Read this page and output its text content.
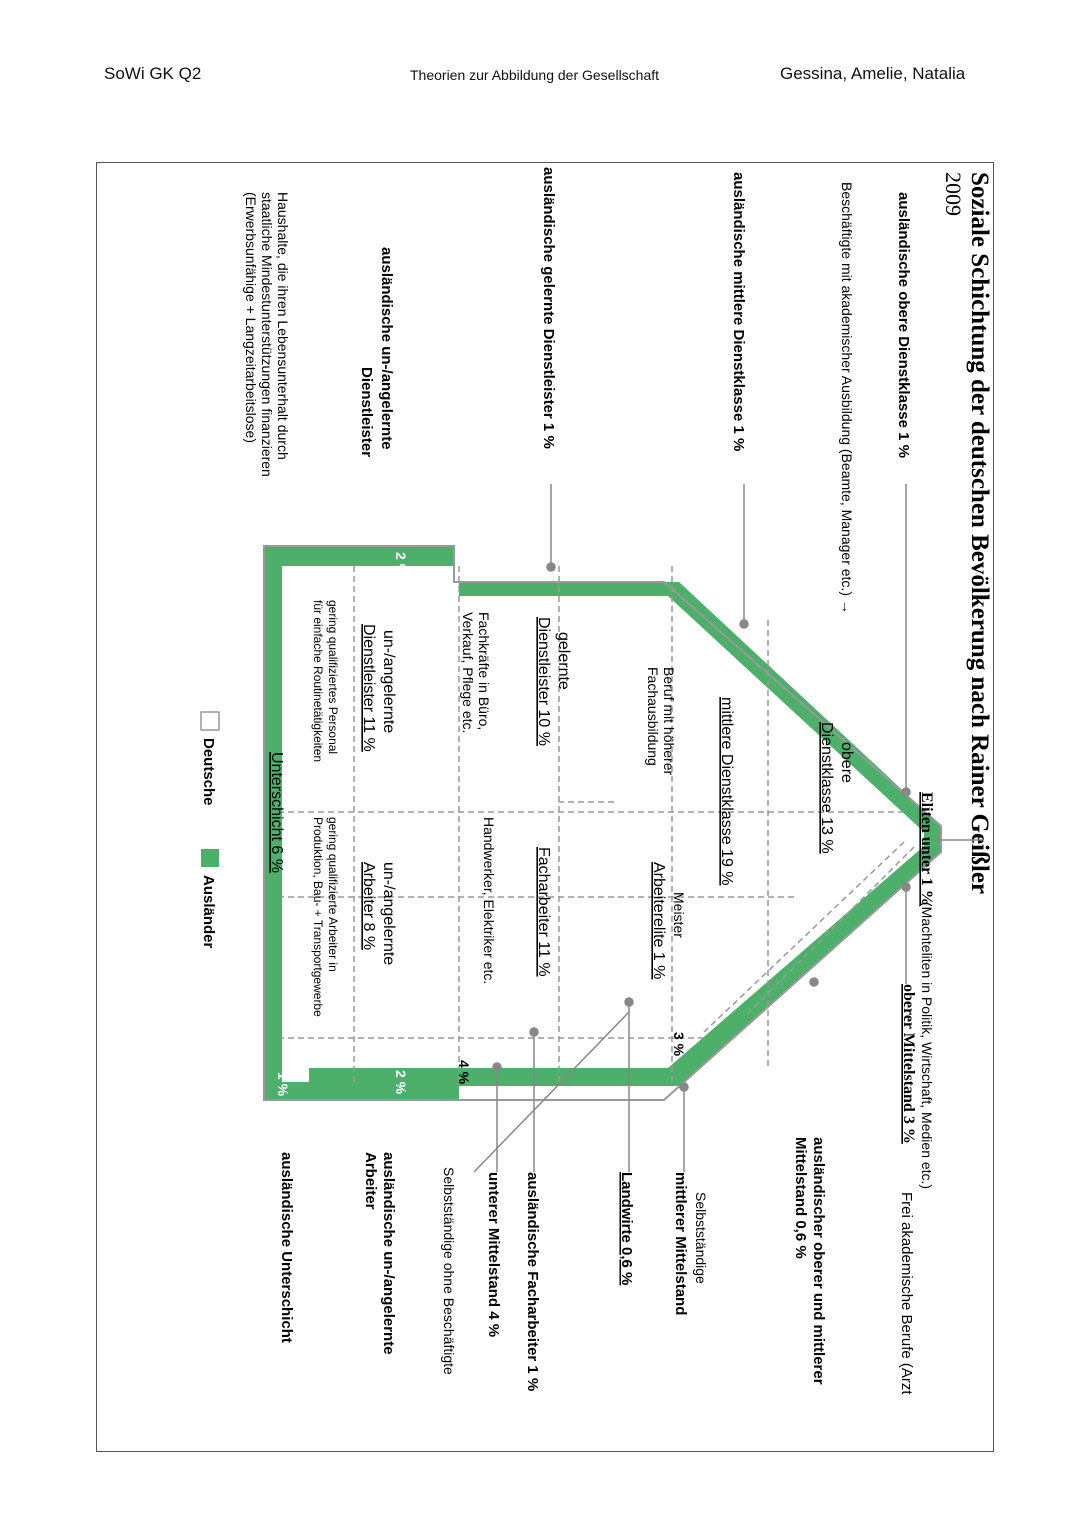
SoWi GK Q2	Theorien zur Abbildung der Gesellschaft	Gessina, Amelie, Natalia
Soziale Schichtung der deutschen Bevölkerung nach Rainer Geißler
2009
obere
Dienstklasse 13 %
mittlere Dienstklasse 19 %
gelernte
Dienstleister 10 %
Facharbeiter 11 %	Meister
Arbeiterelite 1 %
un-/angelernte
Dienstleister 11 %
un-/angelernte
Arbeiter 8 %
Unterschicht 6 %
Beruf mit höherer
Fachausbildung
Fachkräfte in Büro,
Verkauf, Pflege etc.
Handwerker, Elektriker etc.
gering qualifiziertes Personal
für einfache Routinetätigkeiten
gering qualifizierte Arbeiter in
Produktion, Bau- + Transportgewerbe
3 %
4 %
2 %
2 %
1 %
Eliten unter 1 %
(Machteliten in Politik, Wirtschaft, Medien etc.)
oberer Mittelstand 3 %
Frei akademische Berufe (Arzt
ausländische obere Dienstklasse 1 %
Beschäftigte mit akademischer Ausbildung (Beamte, Manager etc.) →
ausländische mittlere Dienstklasse 1 %
ausländische gelernte Dienstleister 1 %
ausländische un-/angelernte
Dienstleister
Haushalte, die ihren Lebensunterhalt durch
staatliche Mindestunterstützungen finanzieren
(Erwerbsunfähige + Langzeitarbeitslose)
ausländischer oberer und mittlerer
Mittelstand 0,6 %
mittlerer Mittelstand
Landwirte 0,6 %
ausländische Facharbeiter 1 %
unterer Mittelstand 4 %
ausländische un-/angelernte
Arbeiter
ausländische Unterschicht	Selbstständige
Selbstständige ohne Beschäftigte
Deutsche
Ausländer
